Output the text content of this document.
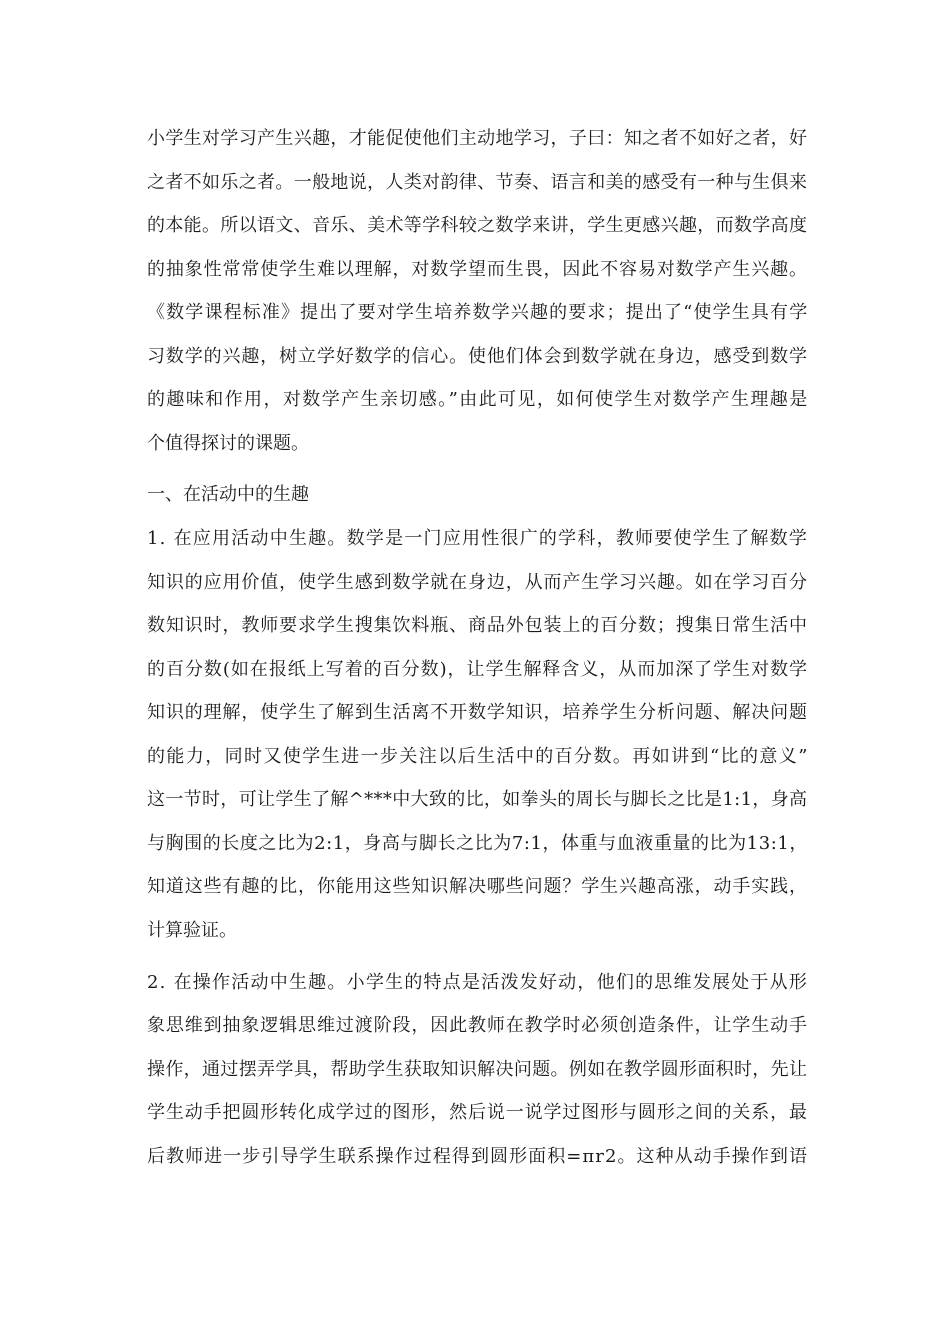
小学生对学习产生兴趣，才能促使他们主动地学习，子曰：知之者不如好之者，好
之者不如乐之者。一般地说，人类对韵律、节奏、语言和美的感受有一种与生俱来
的本能。所以语文、音乐、美术等学科较之数学来讲，学生更感兴趣，而数学高度
的抽象性常常使学生难以理解，对数学望而生畏，因此不容易对数学产生兴趣。
《数学课程标准》提出了要对学生培养数学兴趣的要求；提出了“使学生具有学
习数学的兴趣，树立学好数学的信心。使他们体会到数学就在身边，感受到数学
的趣味和作用，对数学产生亲切感。”由此可见，如何使学生对数学产生理趣是
个值得探讨的课题。
一、在活动中的生趣
1. 在应用活动中生趣。数学是一门应用性很广的学科，教师要使学生了解数学
知识的应用价值，使学生感到数学就在身边，从而产生学习兴趣。如在学习百分
数知识时，教师要求学生搜集饮料瓶、商品外包装上的百分数；搜集日常生活中
的百分数(如在报纸上写着的百分数)，让学生解释含义，从而加深了学生对数学
知识的理解，使学生了解到生活离不开数学知识，培养学生分析问题、解决问题
的能力，同时又使学生进一步关注以后生活中的百分数。再如讲到“比的意义”
这一节时，可让学生了解^***中大致的比，如拳头的周长与脚长之比是1:1，身高
与胸围的长度之比为2:1，身高与脚长之比为7:1，体重与血液重量的比为13:1，
知道这些有趣的比，你能用这些知识解决哪些问题？学生兴趣高涨，动手实践，
计算验证。
2. 在操作活动中生趣。小学生的特点是活泼发好动，他们的思维发展处于从形
象思维到抽象逻辑思维过渡阶段，因此教师在教学时必须创造条件，让学生动手
操作，通过摆弄学具，帮助学生获取知识解决问题。例如在教学圆形面积时，先让
学生动手把圆形转化成学过的图形，然后说一说学过图形与圆形之间的关系，最
后教师进一步引导学生联系操作过程得到圆形面积=πr2。这种从动手操作到语
